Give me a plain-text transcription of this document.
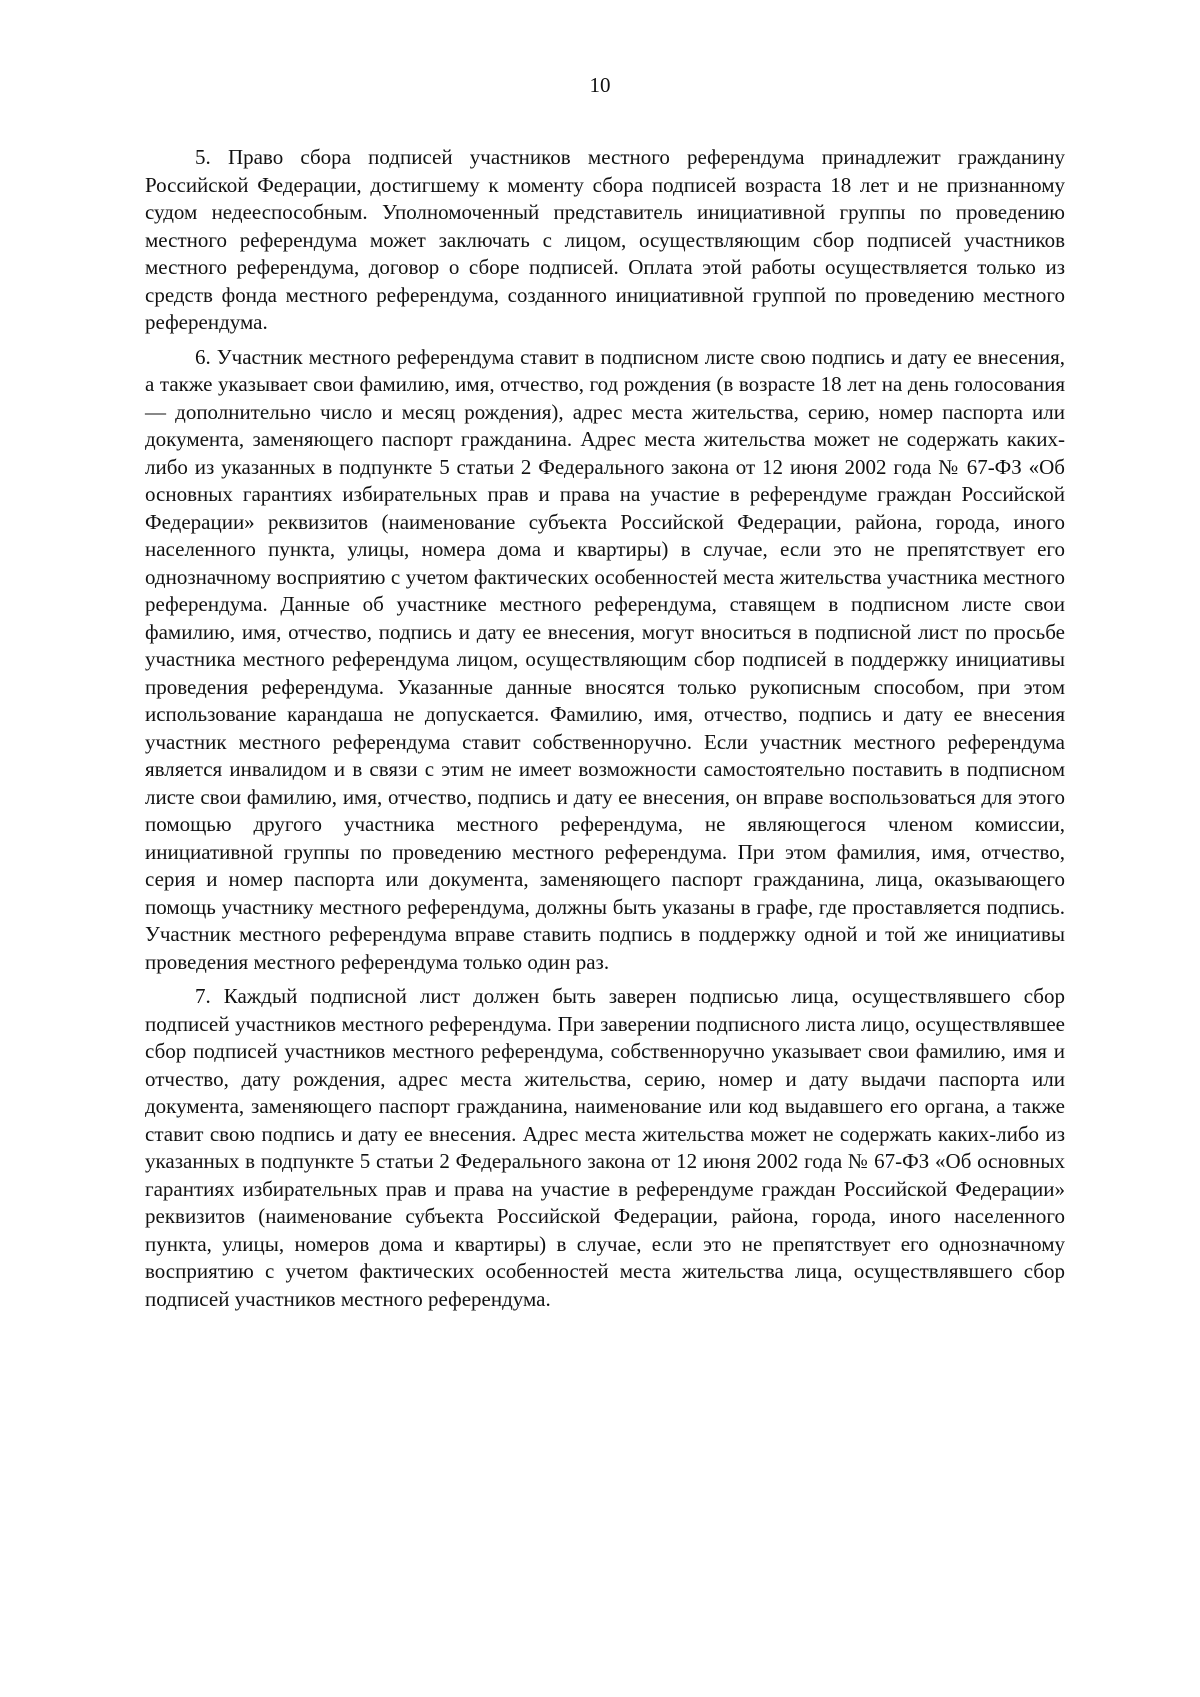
10

5. Право сбора подписей участников местного референдума принадлежит гражданину Российской Федерации, достигшему к моменту сбора подписей возраста 18 лет и не признанному судом недееспособным. Уполномоченный представитель инициативной группы по проведению местного референдума может заключать с лицом, осуществляющим сбор подписей участников местного референдума, договор о сборе подписей. Оплата этой работы осуществляется только из средств фонда местного референдума, созданного инициативной группой по проведению местного референдума.

6. Участник местного референдума ставит в подписном листе свою подпись и дату ее внесения, а также указывает свои фамилию, имя, отчество, год рождения (в возрасте 18 лет на день голосования — дополнительно число и месяц рождения), адрес места жительства, серию, номер паспорта или документа, заменяющего паспорт гражданина. Адрес места жительства может не содержать каких-либо из указанных в подпункте 5 статьи 2 Федерального закона от 12 июня 2002 года № 67-ФЗ «Об основных гарантиях избирательных прав и права на участие в референдуме граждан Российской Федерации» реквизитов (наименование субъекта Российской Федерации, района, города, иного населенного пункта, улицы, номера дома и квартиры) в случае, если это не препятствует его однозначному восприятию с учетом фактических особенностей места жительства участника местного референдума. Данные об участнике местного референдума, ставящем в подписном листе свои фамилию, имя, отчество, подпись и дату ее внесения, могут вноситься в подписной лист по просьбе участника местного референдума лицом, осуществляющим сбор подписей в поддержку инициативы проведения референдума. Указанные данные вносятся только рукописным способом, при этом использование карандаша не допускается. Фамилию, имя, отчество, подпись и дату ее внесения участник местного референдума ставит собственноручно. Если участник местного референдума является инвалидом и в связи с этим не имеет возможности самостоятельно поставить в подписном листе свои фамилию, имя, отчество, подпись и дату ее внесения, он вправе воспользоваться для этого помощью другого участника местного референдума, не являющегося членом комиссии, инициативной группы по проведению местного референдума. При этом фамилия, имя, отчество, серия и номер паспорта или документа, заменяющего паспорт гражданина, лица, оказывающего помощь участнику местного референдума, должны быть указаны в графе, где проставляется подпись. Участник местного референдума вправе ставить подпись в поддержку одной и той же инициативы проведения местного референдума только один раз.

7. Каждый подписной лист должен быть заверен подписью лица, осуществлявшего сбор подписей участников местного референдума. При заверении подписного листа лицо, осуществлявшее сбор подписей участников местного референдума, собственноручно указывает свои фамилию, имя и отчество, дату рождения, адрес места жительства, серию, номер и дату выдачи паспорта или документа, заменяющего паспорт гражданина, наименование или код выдавшего его органа, а также ставит свою подпись и дату ее внесения. Адрес места жительства может не содержать каких-либо из указанных в подпункте 5 статьи 2 Федерального закона от 12 июня 2002 года № 67-ФЗ «Об основных гарантиях избирательных прав и права на участие в референдуме граждан Российской Федерации» реквизитов (наименование субъекта Российской Федерации, района, города, иного населенного пункта, улицы, номеров дома и квартиры) в случае, если это не препятствует его однозначному восприятию с учетом фактических особенностей места жительства лица, осуществлявшего сбор подписей участников местного референдума.
